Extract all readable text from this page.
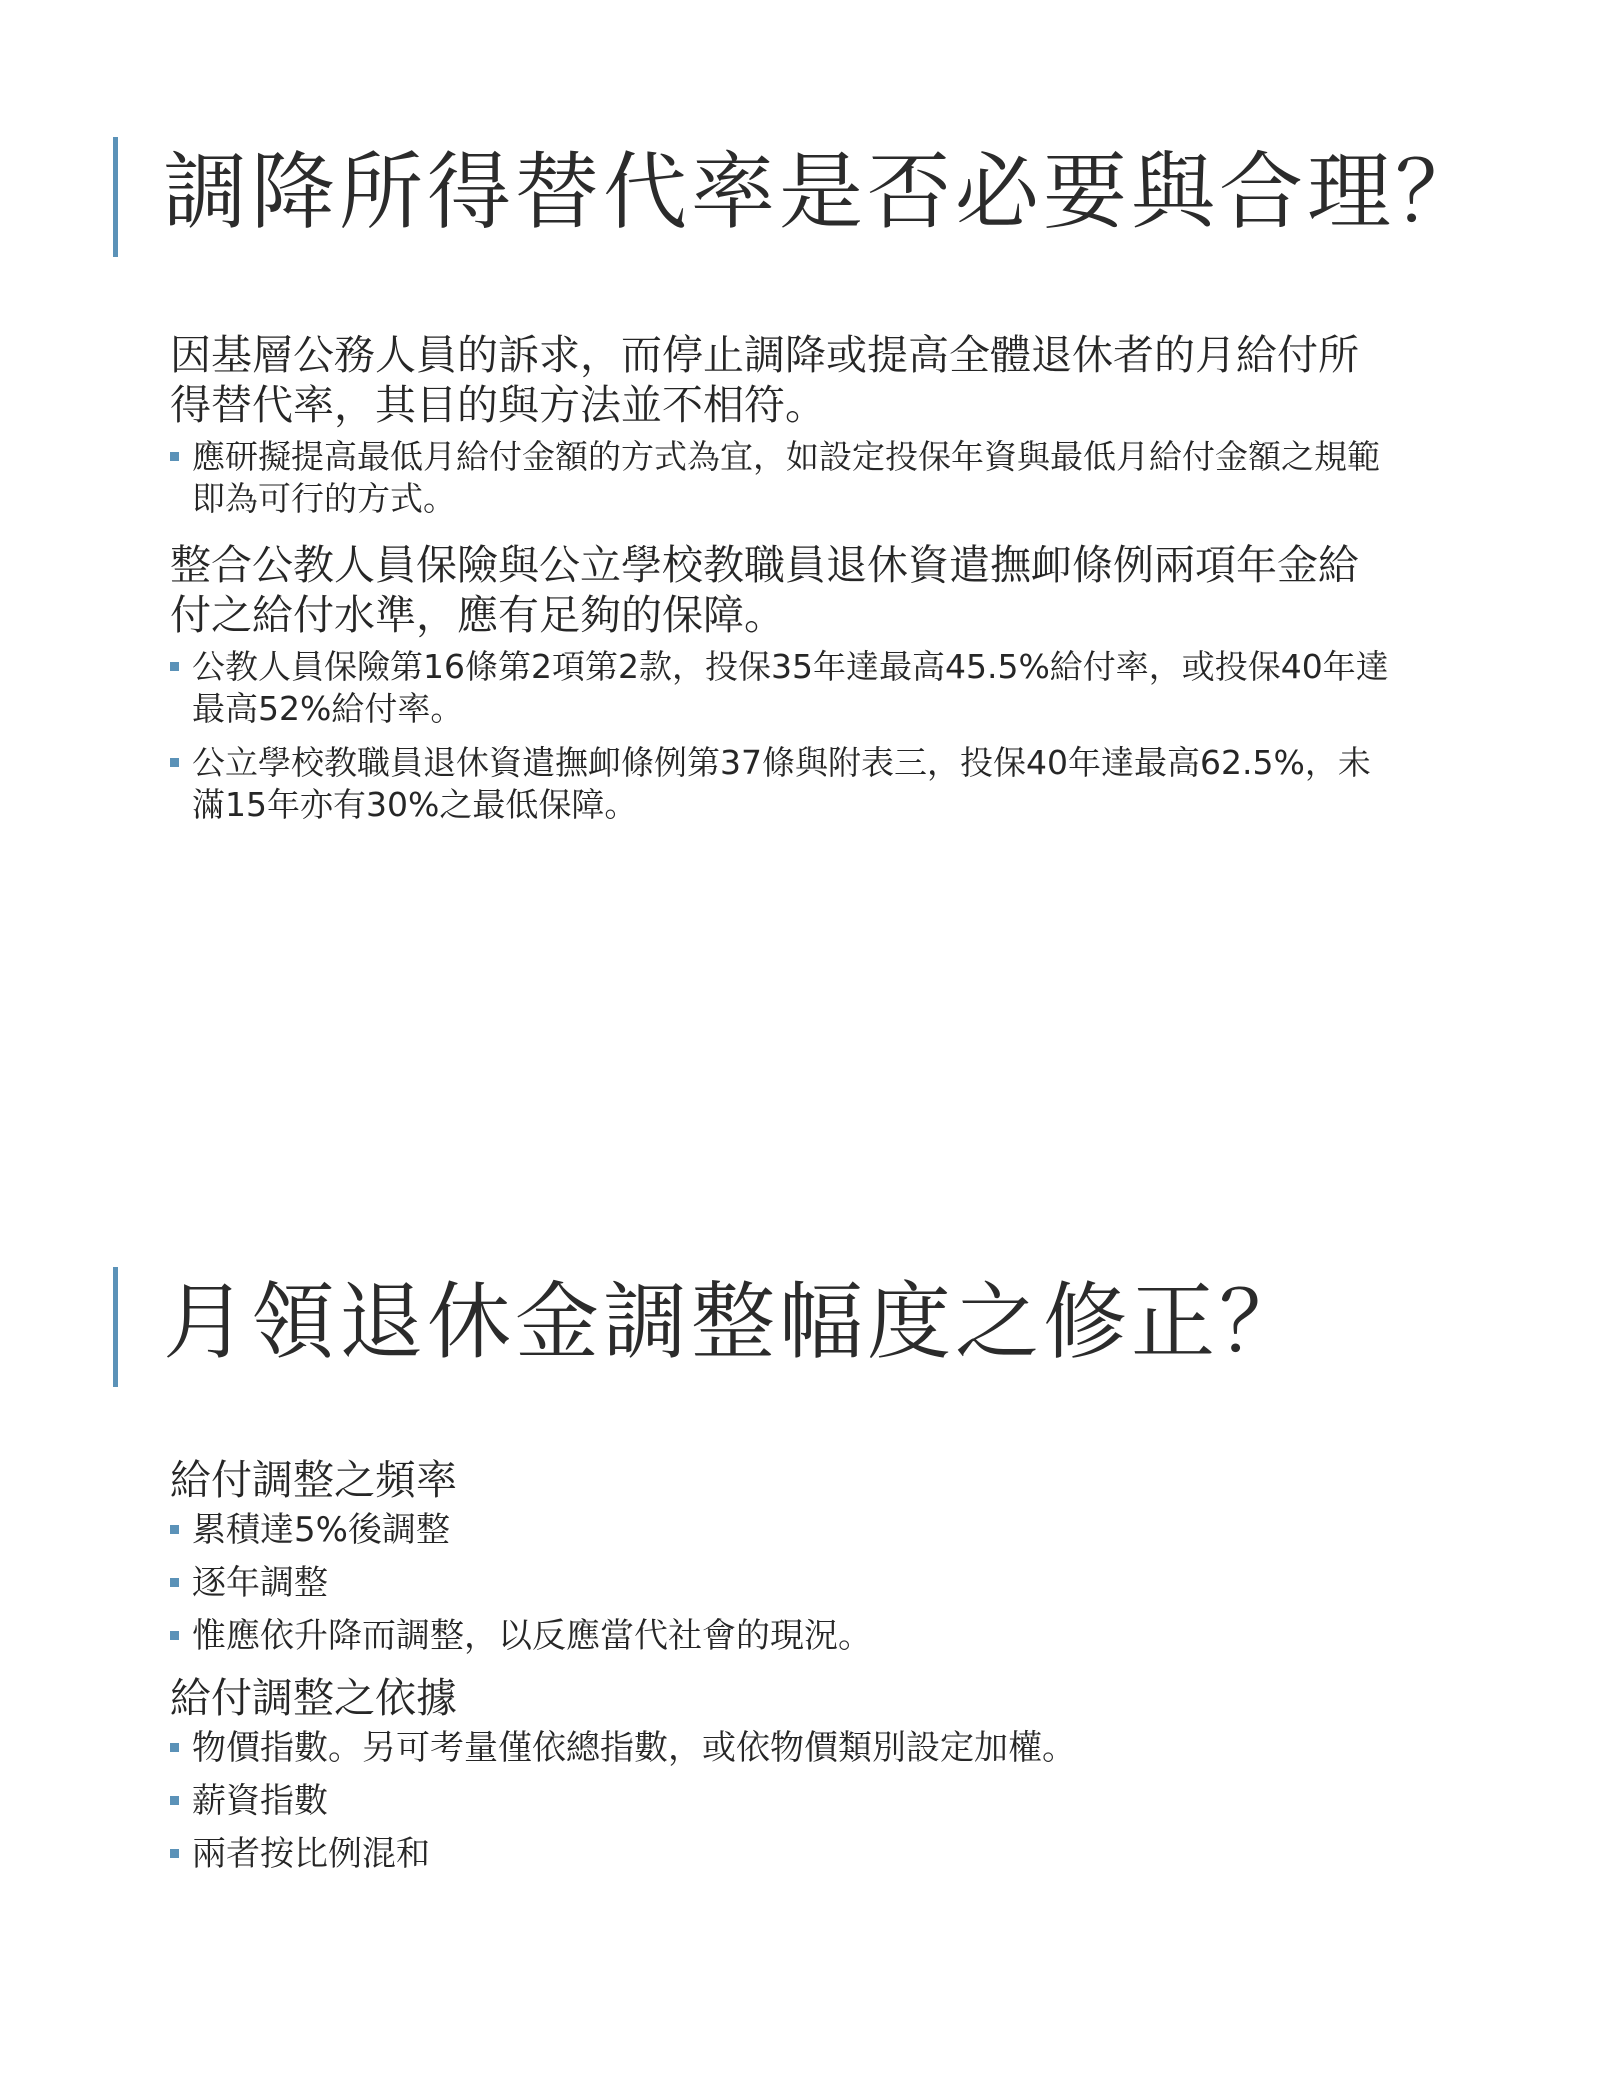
調降所得替代率是否必要與合理？

因基層公務人員的訴求，而停止調降或提高全體退休者的月給付所得替代率，其目的與方法並不相符。

應研擬提高最低月給付金額的方式為宜，如設定投保年資與最低月給付金額之規範即為可行的方式。

整合公教人員保險與公立學校教職員退休資遣撫卹條例兩項年金給付之給付水準，應有足夠的保障。

公教人員保險第16條第2項第2款，投保35年達最高45.5%給付率，或投保40年達最高52%給付率。
公立學校教職員退休資遣撫卹條例第37條與附表三，投保40年達最高62.5%，未滿15年亦有30%之最低保障。
月領退休金調整幅度之修正？

給付調整之頻率

累積達5%後調整
逐年調整
惟應依升降而調整，以反應當代社會的現況。

給付調整之依據

物價指數。另可考量僅依總指數，或依物價類別設定加權。
薪資指數
兩者按比例混和
